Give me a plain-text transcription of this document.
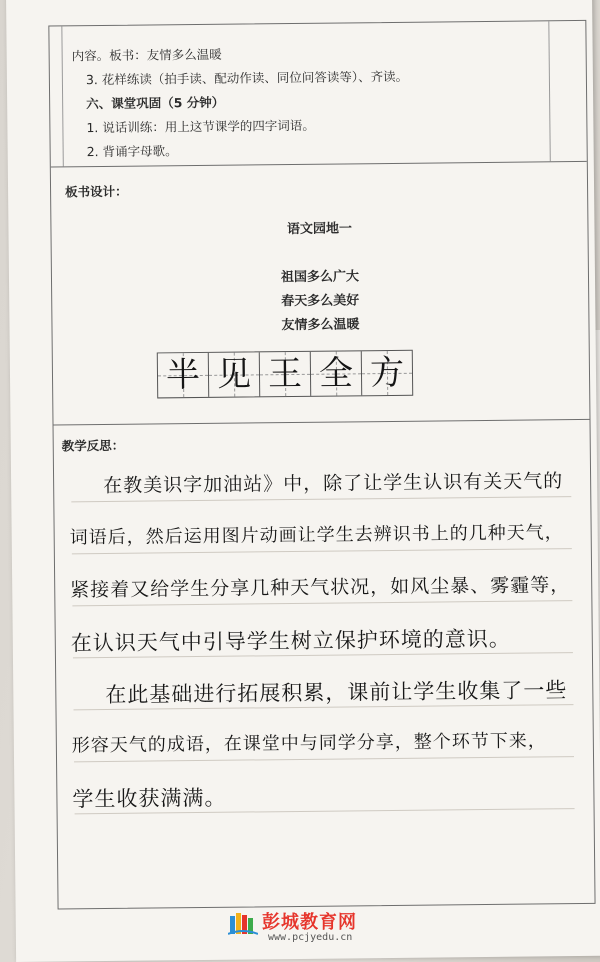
内容。板书：友情多么温暖
3. 花样练读（拍手读、配动作读、同位问答读等）、齐读。
六、课堂巩固（5 分钟）
1. 说话训练：用上这节课学的四字词语。
2. 背诵字母歌。
板书设计：
语文园地一
祖国多么广大
春天多么美好
友情多么温暖
教学反思：
半 见 王 全 方
在教美识字加油站》中，除了让学生认识有关天气的
词语后，然后运用图片动画让学生去辨识书上的几种天气，
紧接着又给学生分享几种天气状况，如风尘暴、雾霾等，
在认识天气中引导学生树立保护环境的意识。
在此基础进行拓展积累，课前让学生收集了一些
形容天气的成语，在课堂中与同学分享，整个环节下来，
学生收获满满。
彭城教育网
www.pcjyedu.cn
